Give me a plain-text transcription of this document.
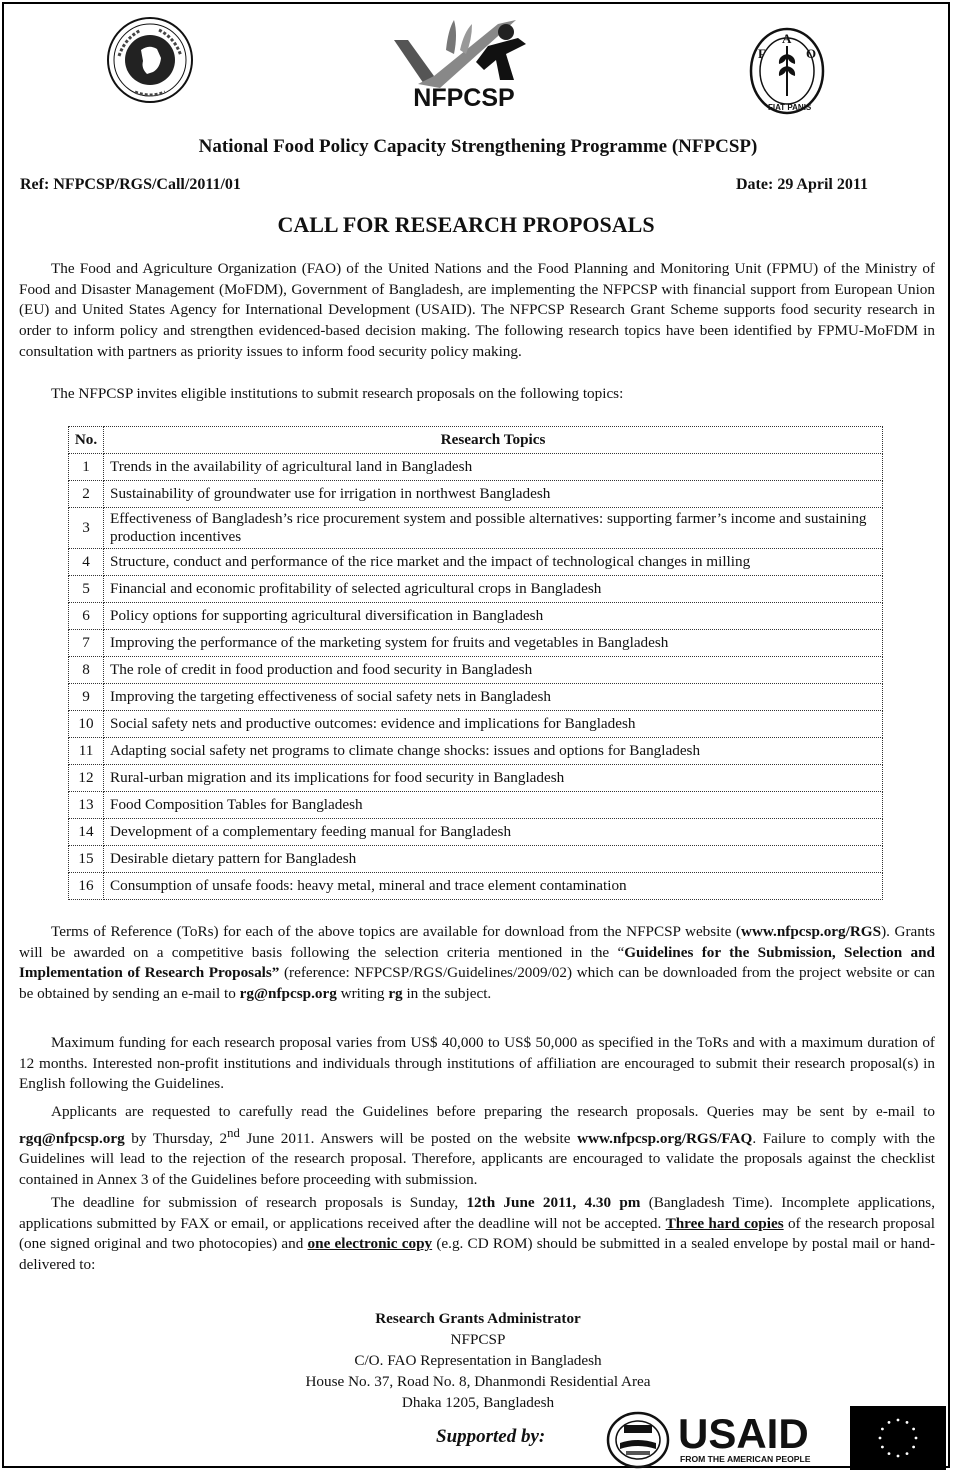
NFPCSP
F
A
O
FIAT PANIS
National Food Policy Capacity Strengthening Programme (NFPCSP)
Ref: NFPCSP/RGS/Call/2011/01	Date: 29 April 2011
CALL FOR RESEARCH PROPOSALS

The Food and Agriculture Organization (FAO) of the United Nations and the Food Planning and Monitoring Unit (FPMU) of the Ministry of Food and Disaster Management (MoFDM), Government of Bangladesh, are implementing the NFPCSP with financial support from European Union (EU) and United States Agency for International Development (USAID). The NFPCSP Research Grant Scheme supports food security research in order to inform policy and strengthen evidenced-based decision making. The following research topics have been identified by FPMU-MoFDM in consultation with partners as priority issues to inform food security policy making.

The NFPCSP invites eligible institutions to submit research proposals on the following topics:

No.	Research Topics
1	Trends in the availability of agricultural land in Bangladesh
2	Sustainability of groundwater use for irrigation in northwest Bangladesh
3	Effectiveness of Bangladesh’s rice procurement system and possible alternatives: supporting farmer’s income and sustaining production incentives
4	Structure, conduct and performance of the rice market and the impact of technological changes in milling
5	Financial and economic profitability of selected agricultural crops in Bangladesh
6	Policy options for supporting agricultural diversification in Bangladesh
7	Improving the performance of the marketing system for fruits and vegetables in Bangladesh
8	The role of credit in food production and food security in Bangladesh
9	Improving the targeting effectiveness of social safety nets in Bangladesh
10	Social safety nets and productive outcomes: evidence and implications for Bangladesh
11	Adapting social safety net programs to climate change shocks: issues and options for Bangladesh
12	Rural-urban migration and its implications for food security in Bangladesh
13	Food Composition Tables for Bangladesh
14	Development of a complementary feeding manual for Bangladesh
15	Desirable dietary pattern for Bangladesh
16	Consumption of unsafe foods: heavy metal, mineral and trace element contamination

Terms of Reference (ToRs) for each of the above topics are available for download from the NFPCSP website (www.nfpcsp.org/RGS). Grants will be awarded on a competitive basis following the selection criteria mentioned in the “Guidelines for the Submission, Selection and Implementation of Research Proposals” (reference: NFPCSP/RGS/Guidelines/2009/02) which can be downloaded from the project website or can be obtained by sending an e-mail to rg@nfpcsp.org writing rg in the subject.

Maximum funding for each research proposal varies from US$ 40,000 to US$ 50,000 as specified in the ToRs and with a maximum duration of 12 months. Interested non-profit institutions and individuals through institutions of affiliation are encouraged to submit their research proposal(s) in English following the Guidelines.

Applicants are requested to carefully read the Guidelines before preparing the research proposals. Queries may be sent by e-mail to rgq@nfpcsp.org by Thursday, 2nd June 2011. Answers will be posted on the website www.nfpcsp.org/RGS/FAQ. Failure to comply with the Guidelines will lead to the rejection of the research proposal. Therefore, applicants are encouraged to validate the proposals against the checklist contained in Annex 3 of the Guidelines before proceeding with submission.

The deadline for submission of research proposals is Sunday, 12th June 2011, 4.30 pm (Bangladesh Time). Incomplete applications, applications submitted by FAX or email, or applications received after the deadline will not be accepted. Three hard copies of the research proposal (one signed original and two photocopies) and one electronic copy (e.g. CD ROM) should be submitted in a sealed envelope by postal mail or hand-delivered to:

Research Grants Administrator
NFPCSP
C/O. FAO Representation in Bangladesh
House No. 37, Road No. 8, Dhanmondi Residential Area
Dhaka 1205, Bangladesh
Supported by:	USAID
FROM THE AMERICAN PEOPLE
